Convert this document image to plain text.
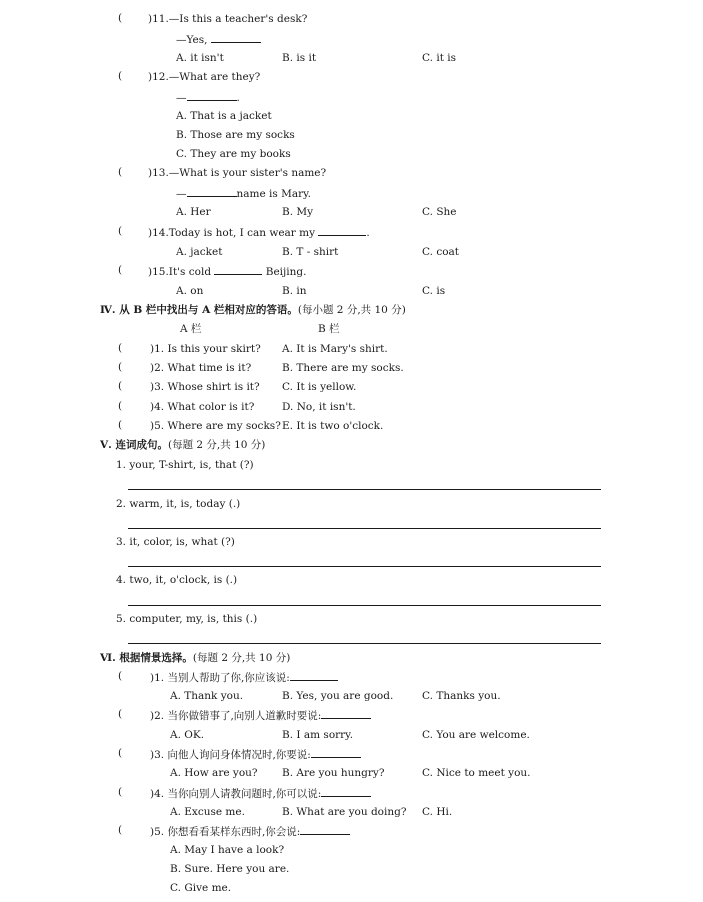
( )11.—Is this a teacher's desk?
—Yes,
A. it isn't	B. is it	C. it is
( )12.—What are they?
—	.
A. That is a jacket
B. Those are my socks
C. They are my books
( )13.—What is your sister's name?
—	name is Mary.
A. Her	B. My	C. She
( )14.Today is hot, I can wear my	.
A. jacket	B. T - shirt	C. coat
( )15.It's cold	Beijing.
A. on	B. in	C. is
Ⅳ. 从 B 栏中找出与 A 栏相对应的答语。(每小题 2 分,共 10 分)
A 栏	B 栏
(	)1. Is this your skirt? A. It is Mary's shirt.
(	)2. What time is it?	B. There are my socks.
(	)3. Whose shirt is it? C. It is yellow.
(	)4. What color is it?	D. No, it isn't.
(	)5. Where are my socks? E. It is two o'clock.
Ⅴ. 连词成句。(每题 2 分,共 10 分)
1. your, T-shirt, is, that (?)
2. warm, it, is, today (.)
3. it, color, is, what (?)
4. two, it, o'clock, is (.)
5. computer, my, is, this (.)
Ⅵ. 根据情景选择。(每题 2 分,共 10 分)
(	)1. 当别人帮助了你,你应该说:
A. Thank you.	B. Yes, you are good.	C. Thanks you.
(	)2. 当你做错事了,向别人道歉时要说:
A. OK.	B. I am sorry.	C. You are welcome.
(	)3. 向他人询问身体情况时,你要说:
A. How are you? B. Are you hungry?	C. Nice to meet you.
(	)4. 当你向别人请教问题时,你可以说:
A. Excuse me.	B. What are you doing? C. Hi.
(	)5. 你想看看某样东西时,你会说:
A. May I have a look?
B. Sure. Here you are.
C. Give me.
